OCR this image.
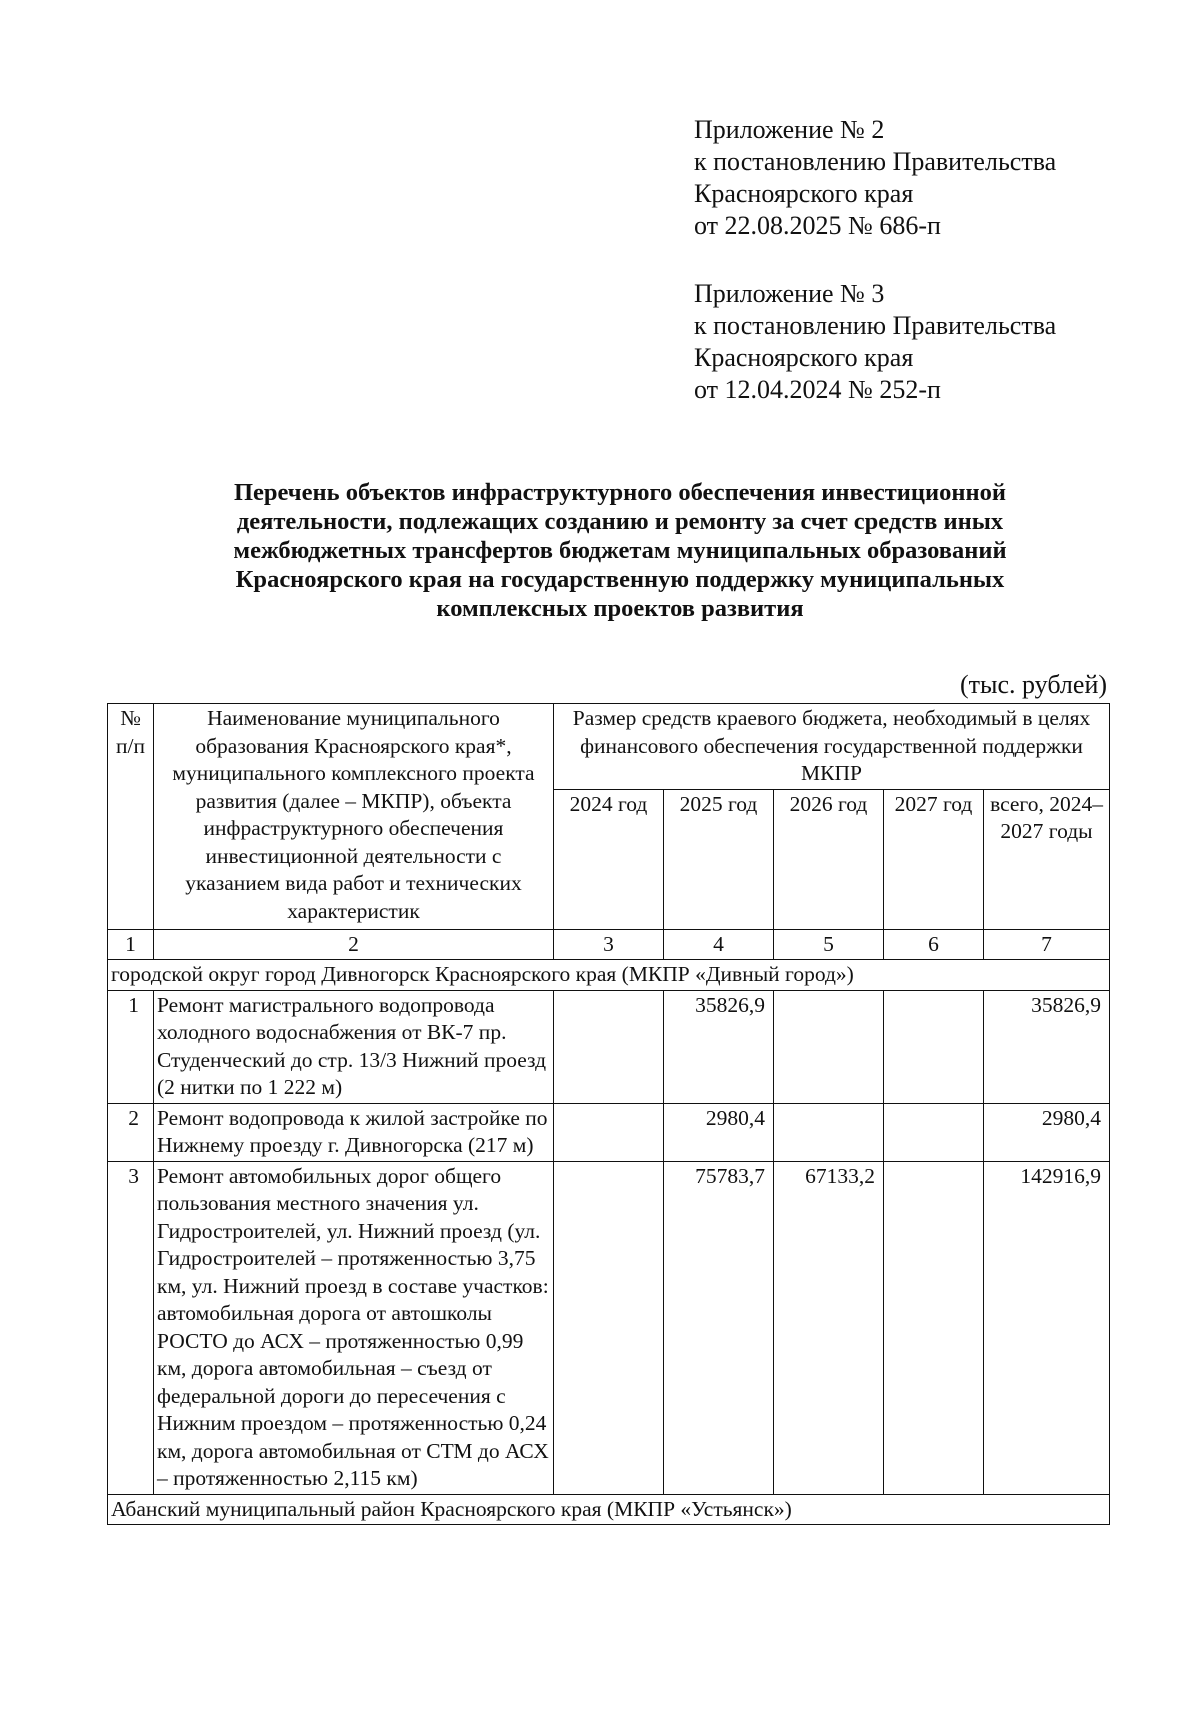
Приложение № 2
к постановлению Правительства
Красноярского края
от 22.08.2025 № 686-п
Приложение № 3
к постановлению Правительства
Красноярского края
от 12.04.2024 № 252-п
Перечень объектов инфраструктурного обеспечения инвестиционной
деятельности, подлежащих созданию и ремонту за счет средств иных
межбюджетных трансфертов бюджетам муниципальных образований
Красноярского края на государственную поддержку муниципальных
комплексных проектов развития
(тыс. рублей)
№ п/п	Наименование муниципального образования Красноярского края*, муниципального комплексного проекта развития (далее – МКПР), объекта инфраструктурного обеспечения инвестиционной деятельности с указанием вида работ и технических характеристик	Размер средств краевого бюджета, необходимый в целях финансового обеспечения государственной поддержки МКПР				
		2024 год	2025 год	2026 год	2027 год	всего, 2024–2027 годы
1	2	3	4	5	6	7
городской округ город Дивногорск Красноярского края (МКПР «Дивный город»)						
1	Ремонт магистрального водопровода холодного водоснабжения от ВК-7 пр. Студенческий до стр. 13/3 Нижний проезд (2 нитки по 1 222 м)		35826,9			35826,9
2	Ремонт водопровода к жилой застройке по Нижнему проезду г. Дивногорска (217 м)		2980,4			2980,4
3	Ремонт автомобильных дорог общего пользования местного значения ул. Гидростроителей, ул. Нижний проезд (ул. Гидростроителей – протяженностью 3,75 км, ул. Нижний проезд в составе участков: автомобильная дорога от автошколы РОСТО до АСХ – протяженностью 0,99 км, дорога автомобильная – съезд от федеральной дороги до пересечения с Нижним проездом – протяженностью 0,24 км, дорога автомобильная от СТМ до АСХ – протяженностью 2,115 км)		75783,7	67133,2		142916,9
Абанский муниципальный район Красноярского края (МКПР «Устьянск»)						
